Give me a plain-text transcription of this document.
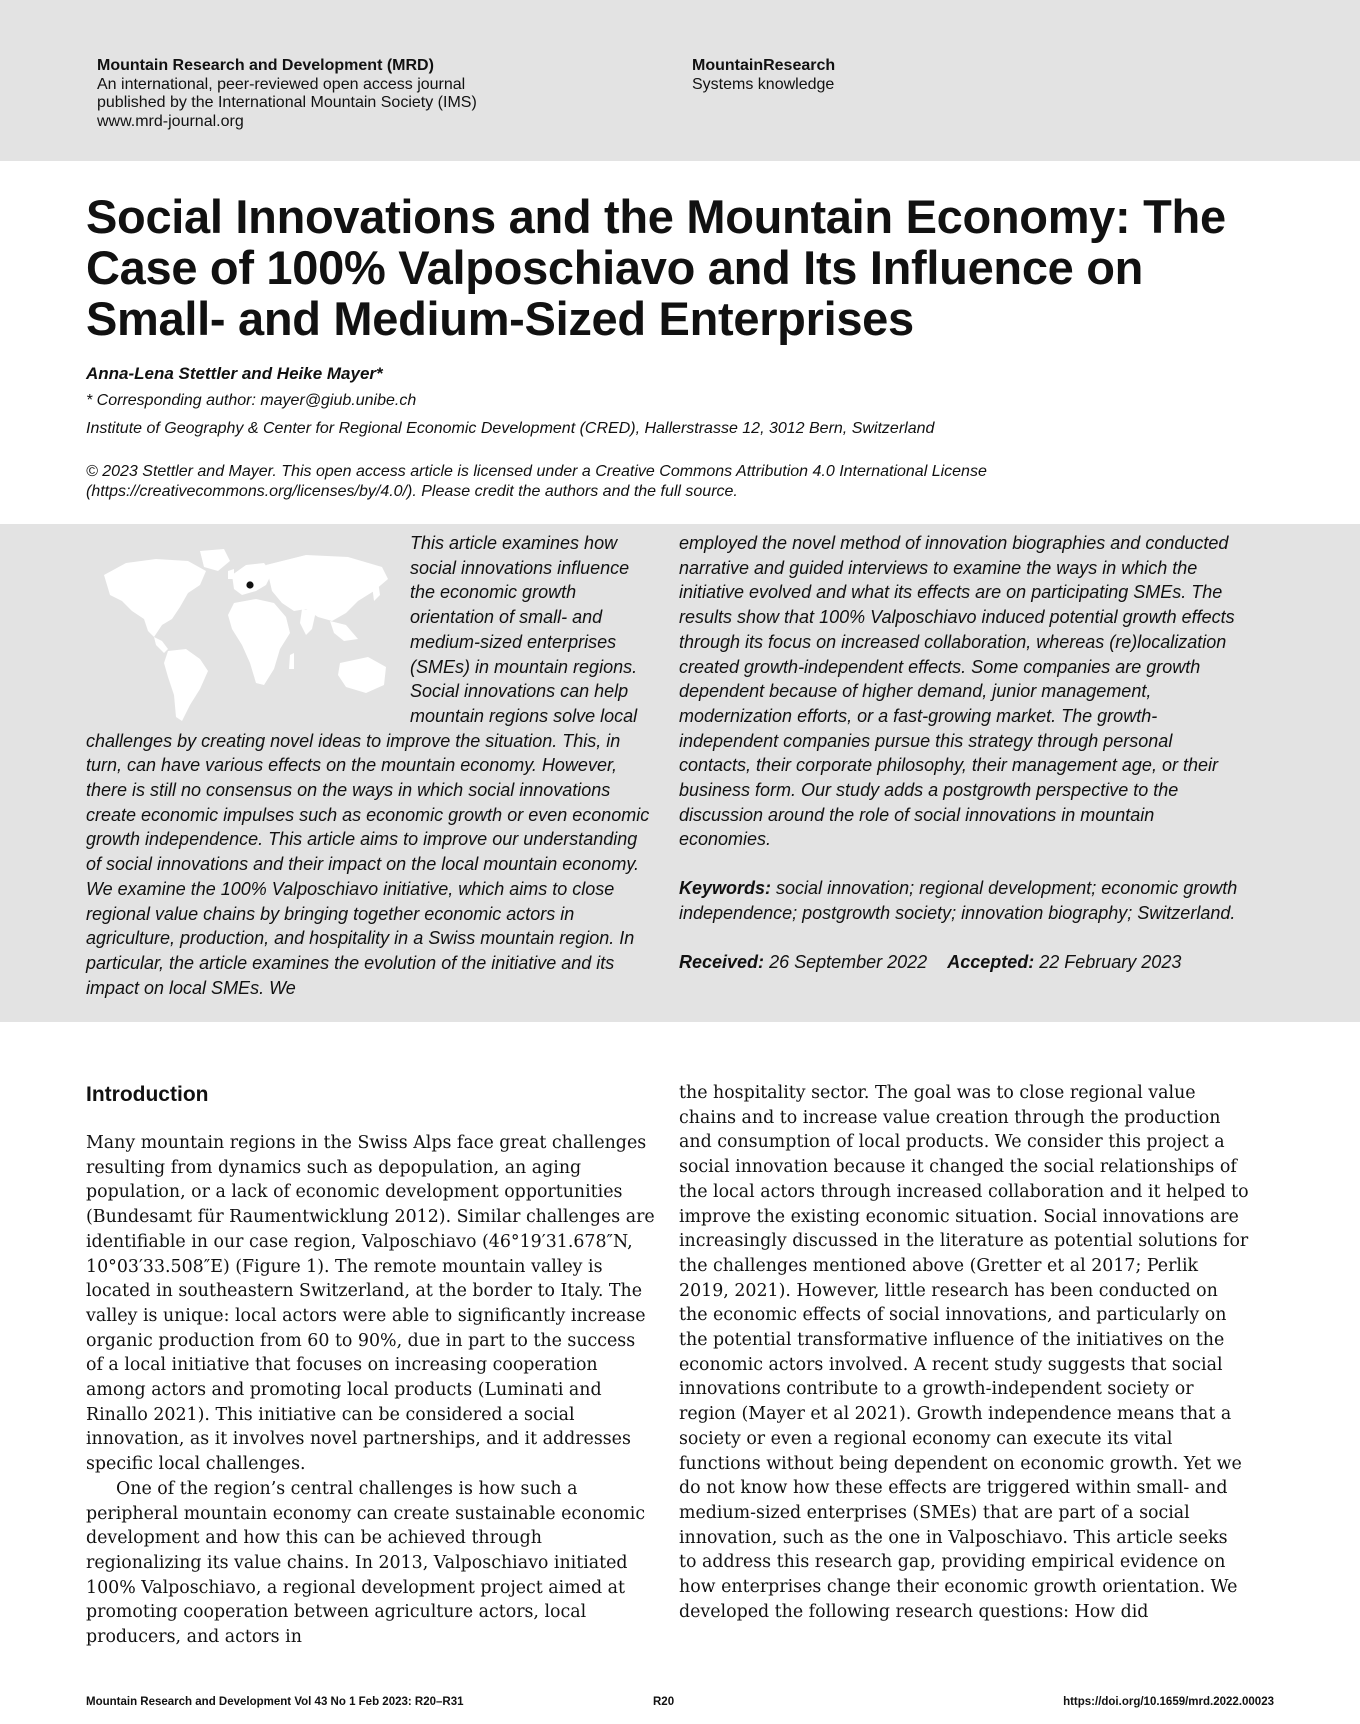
Mountain Research and Development (MRD)
An international, peer-reviewed open access journal
published by the International Mountain Society (IMS)
www.mrd-journal.org
MountainResearch
Systems knowledge
Social Innovations and the Mountain Economy: The Case of 100% Valposchiavo and Its Influence on Small- and Medium-Sized Enterprises
Anna-Lena Stettler and Heike Mayer*
* Corresponding author: mayer@giub.unibe.ch
Institute of Geography & Center for Regional Economic Development (CRED), Hallerstrasse 12, 3012 Bern, Switzerland
© 2023 Stettler and Mayer. This open access article is licensed under a Creative Commons Attribution 4.0 International License (https://creativecommons.org/licenses/by/4.0/). Please credit the authors and the full source.
This article examines how social innovations influence the economic growth orientation of small- and medium-sized enterprises (SMEs) in mountain regions. Social innovations can help mountain regions solve local challenges by creating novel ideas to improve the situation. This, in turn, can have various effects on the mountain economy. However, there is still no consensus on the ways in which social innovations create economic impulses such as economic growth or even economic growth independence. This article aims to improve our understanding of social innovations and their impact on the local mountain economy. We examine the 100% Valposchiavo initiative, which aims to close regional value chains by bringing together economic actors in agriculture, production, and hospitality in a Swiss mountain region. In particular, the article examines the evolution of the initiative and its impact on local SMEs. We
employed the novel method of innovation biographies and conducted narrative and guided interviews to examine the ways in which the initiative evolved and what its effects are on participating SMEs. The results show that 100% Valposchiavo induced potential growth effects through its focus on increased collaboration, whereas (re)localization created growth-independent effects. Some companies are growth dependent because of higher demand, junior management, modernization efforts, or a fast-growing market. The growth-independent companies pursue this strategy through personal contacts, their corporate philosophy, their management age, or their business form. Our study adds a postgrowth perspective to the discussion around the role of social innovations in mountain economies.
Keywords: social innovation; regional development; economic growth independence; postgrowth society; innovation biography; Switzerland.
Received: 26 September 2022 Accepted: 22 February 2023
Introduction

Many mountain regions in the Swiss Alps face great challenges resulting from dynamics such as depopulation, an aging population, or a lack of economic development opportunities (Bundesamt für Raumentwicklung 2012). Similar challenges are identifiable in our case region, Valposchiavo (46°19′31.678″N, 10°03′33.508″E) (Figure 1). The remote mountain valley is located in southeastern Switzerland, at the border to Italy. The valley is unique: local actors were able to significantly increase organic production from 60 to 90%, due in part to the success of a local initiative that focuses on increasing cooperation among actors and promoting local products (Luminati and Rinallo 2021). This initiative can be considered a social innovation, as it involves novel partnerships, and it addresses specific local challenges.

One of the region’s central challenges is how such a peripheral mountain economy can create sustainable economic development and how this can be achieved through regionalizing its value chains. In 2013, Valposchiavo initiated 100% Valposchiavo, a regional development project aimed at promoting cooperation between agriculture actors, local producers, and actors in

the hospitality sector. The goal was to close regional value chains and to increase value creation through the production and consumption of local products. We consider this project a social innovation because it changed the social relationships of the local actors through increased collaboration and it helped to improve the existing economic situation. Social innovations are increasingly discussed in the literature as potential solutions for the challenges mentioned above (Gretter et al 2017; Perlik 2019, 2021). However, little research has been conducted on the economic effects of social innovations, and particularly on the potential transformative influence of the initiatives on the economic actors involved. A recent study suggests that social innovations contribute to a growth-independent society or region (Mayer et al 2021). Growth independence means that a society or even a regional economy can execute its vital functions without being dependent on economic growth. Yet we do not know how these effects are triggered within small- and medium-sized enterprises (SMEs) that are part of a social innovation, such as the one in Valposchiavo. This article seeks to address this research gap, providing empirical evidence on how enterprises change their economic growth orientation. We developed the following research questions: How did

Mountain Research and Development Vol 43 No 1 Feb 2023: R20–R31	R20	https://doi.org/10.1659/mrd.2022.00023
